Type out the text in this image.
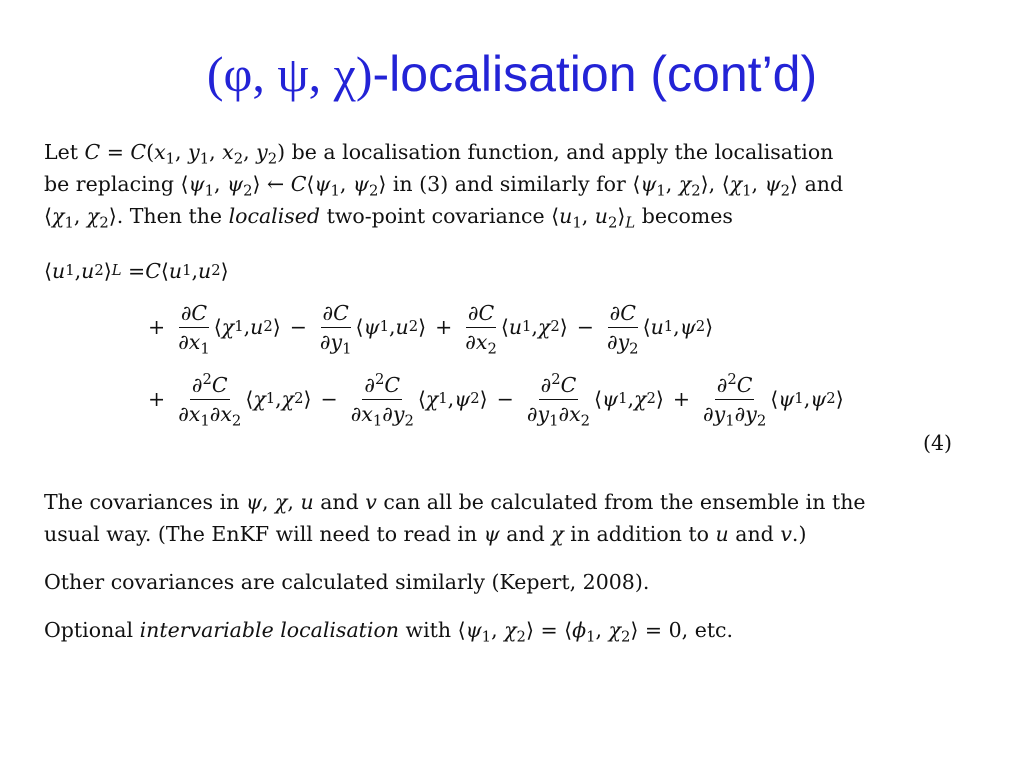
(φ, ψ, χ)-localisation (cont’d)

Let $C = C(x_1$, $y_1$, $x_2$, $y_2$) be a localisation function, and apply the localisation

be replacing $⟨\psi_1$, $\psi_2⟩$ ← $C⟨\psi_1$, $\psi_2⟩$ in (3) and similarly for $⟨\psi_1$, $\chi_2⟩$, $⟨\chi_1$, $\psi_2⟩$ and

$⟨\chi_1$, $\chi_2⟩$. Then the localised two-point covariance $⟨u_1$, $u_2⟩_L$ becomes

⟨ u 1 , u 2 ⟩ L = C ⟨ u 1 , u 2 ⟩
+ $\frac{\partial C}{\partial x_1}$ ⟨ χ 1 , u 2 ⟩ − $\frac{\partial C}{\partial y_1}$ ⟨ ψ 1 , u 2 ⟩ + $\frac{\partial C}{\partial x_2}$ ⟨ u 1 , χ 2 ⟩ − $\frac{\partial C}{\partial y_2}$ ⟨ u 1 , ψ 2 ⟩
+ $\frac{\partial^2C}{\partial x_1\partial x_2}$ ⟨ χ 1 , χ 2 ⟩ − $\frac{\partial^2C}{\partial x_1\partial y_2}$ ⟨ χ 1 , ψ 2 ⟩ − $\frac{\partial^2C}{\partial y_1\partial x_2}$ ⟨ ψ 1 , χ 2 ⟩ + $\frac{\partial^2C}{\partial y_1\partial y_2}$ ⟨ ψ 1 , ψ 2 ⟩
(4)
The covariances in ψ, χ, u and v can all be calculated from the ensemble in the
usual way. (The EnKF will need to read in ψ and χ in addition to u and v.)
Other covariances are calculated similarly (Kepert, 2008).
Optional intervariable localisation with $⟨\psi_1$, $\chi_2⟩$ = $⟨\phi_1$, $\chi_2⟩ = 0$, etc.
